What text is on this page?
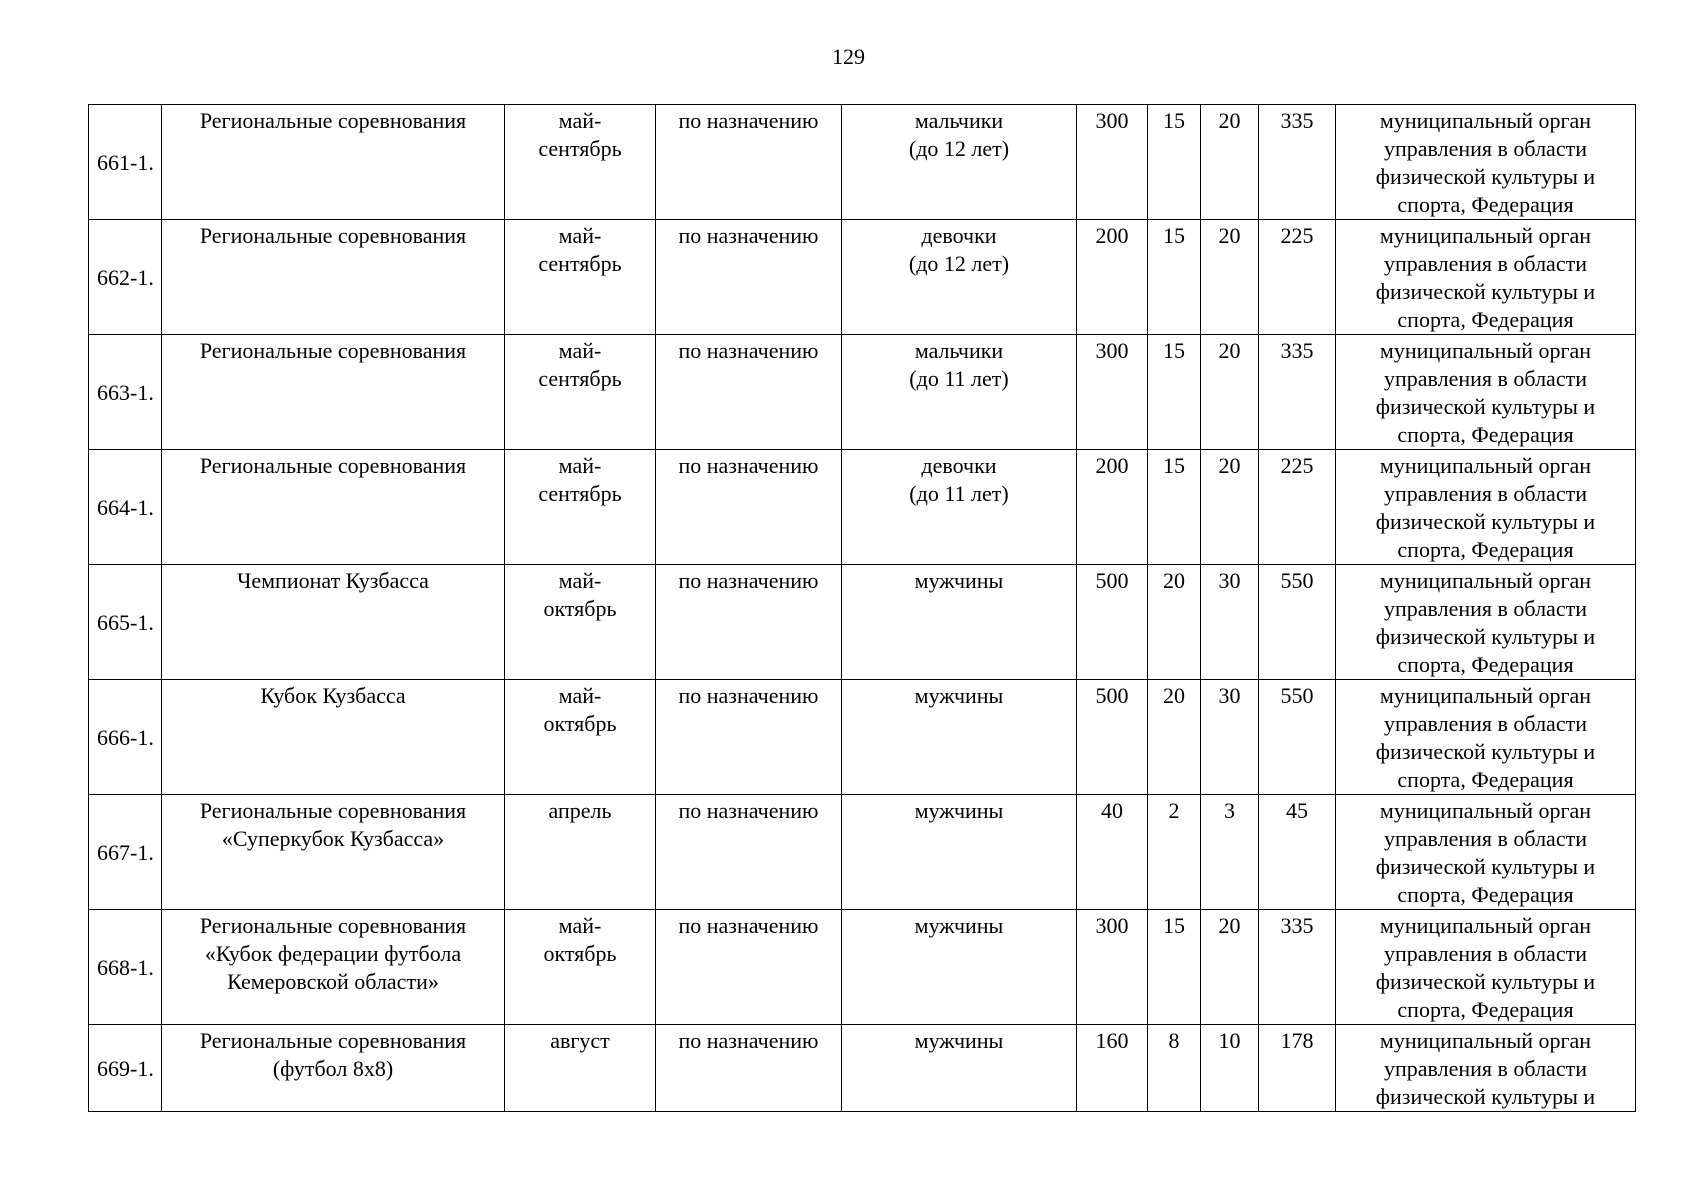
129
661-1.	Региональные соревнования	май-
сентябрь	по назначению	мальчики
(до 12 лет)	300	15	20	335	муниципальный орган
управления в области
физической культуры и
спорта, Федерация

662-1.	Региональные соревнования	май-
сентябрь	по назначению	девочки
(до 12 лет)	200	15	20	225	муниципальный орган
управления в области
физической культуры и
спорта, Федерация

663-1.	Региональные соревнования	май-
сентябрь	по назначению	мальчики
(до 11 лет)	300	15	20	335	муниципальный орган
управления в области
физической культуры и
спорта, Федерация

664-1.	Региональные соревнования	май-
сентябрь	по назначению	девочки
(до 11 лет)	200	15	20	225	муниципальный орган
управления в области
физической культуры и
спорта, Федерация

665-1.	Чемпионат Кузбасса	май-
октябрь	по назначению	мужчины	500	20	30	550	муниципальный орган
управления в области
физической культуры и
спорта, Федерация

666-1.	Кубок Кузбасса	май-
октябрь	по назначению	мужчины	500	20	30	550	муниципальный орган
управления в области
физической культуры и
спорта, Федерация

667-1.	Региональные соревнования
«Суперкубок Кузбасса»	апрель	по назначению	мужчины	40	2	3	45	муниципальный орган
управления в области
физической культуры и
спорта, Федерация

668-1.	Региональные соревнования
«Кубок федерации футбола
Кемеровской области»	май-
октябрь	по назначению	мужчины	300	15	20	335	муниципальный орган
управления в области
физической культуры и
спорта, Федерация

669-1.	Региональные соревнования
(футбол 8x8)	август	по назначению	мужчины	160	8	10	178	муниципальный орган
управления в области
физической культуры и
